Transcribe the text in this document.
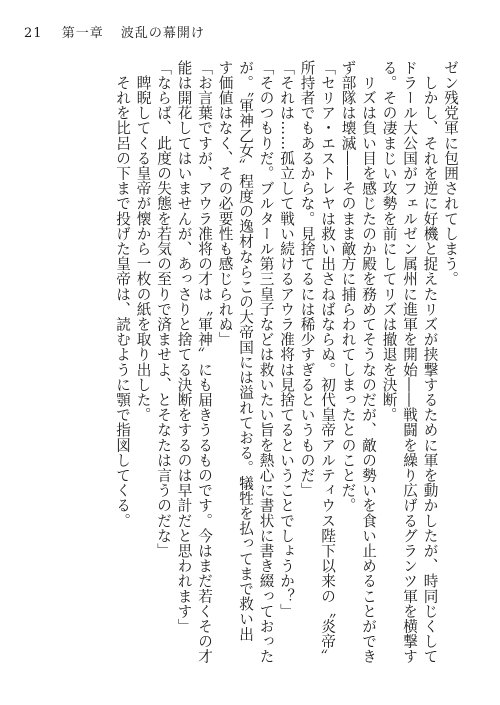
21 第一章 波乱の幕開け
ゼン残党軍に包囲されてしまう。
　しかし、それを逆に好機と捉えたリズが挟撃するために軍を動かしたが、時同じくして
ドラール大公国がフェルゼン属州に進軍を開始――戦闘を繰り広げるグランツ軍を横撃す
る。その凄まじい攻勢を前にしてリズは撤退を決断。
　リズは負い目を感じたのか殿を務めてそうなのだが、敵の勢いを食い止めることができ
ず部隊は壊滅――そのまま敵方に捕らわれてしまったとのことだ。
「セリア・エストレヤは救い出さねばならぬ。初代皇帝アルティウス陛下以来の〝炎帝〟
所持者でもあるからな。見捨てるには稀少すぎるというものだ」
「それは……孤立して戦い続けるアウラ准将は見捨てるということでしょうか？」
「そのつもりだ。ブルタール第三皇子などは救いたい旨を熱心に書状に書き綴っておった
が。〝軍神乙女〟程度の逸材ならこの大帝国には溢れておる。犠牲を払ってまで救い出
す価値はなく、その必要性も感じられぬ」
「お言葉ですが、アウラ准将の才は〝軍神〟にも届きうるものです。今はまだ若くその才
能は開花してはいませんが、あっさりと捨てる決断をするのは早計だと思われます」
「ならば、此度の失態を若気の至りで済ませよ、とそなたは言うのだな」
　睥睨してくる皇帝が懐から一枚の紙を取り出した。
　それを比呂の下まで投げた皇帝は、読むように顎で指図してくる。
